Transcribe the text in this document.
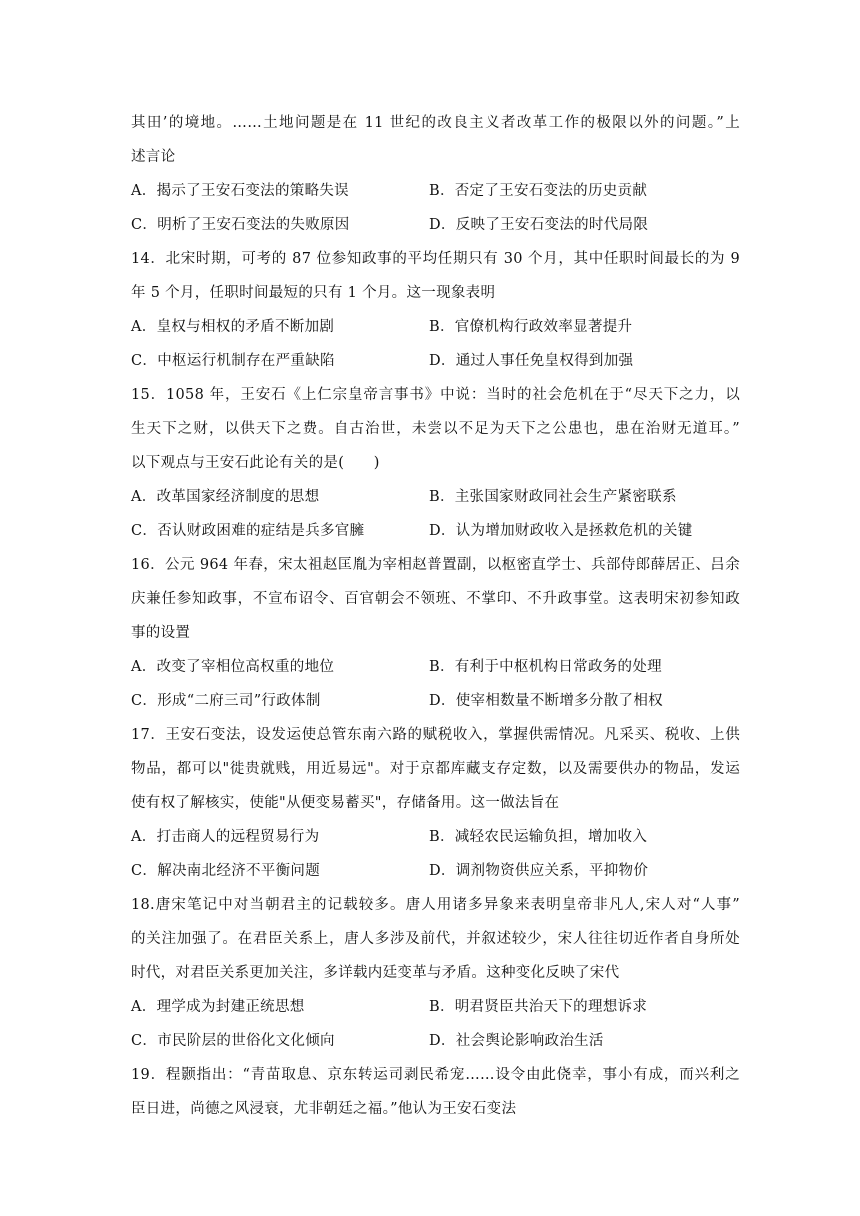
其田’的境地。……土地问题是在 11 世纪的改良主义者改革工作的极限以外的问题。”上
述言论
A．揭示了王安石变法的策略失误	B．否定了王安石变法的历史贡献
C．明析了王安石变法的失败原因	D．反映了王安石变法的时代局限
14．北宋时期，可考的 87 位参知政事的平均任期只有 30 个月，其中任职时间最长的为 9
年 5 个月，任职时间最短的只有 1 个月。这一现象表明
A．皇权与相权的矛盾不断加剧	B．官僚机构行政效率显著提升
C．中枢运行机制存在严重缺陷	D．通过人事任免皇权得到加强
15．1058 年，王安石《上仁宗皇帝言事书》中说：当时的社会危机在于“尽天下之力，以
生天下之财，以供天下之费。自古治世，未尝以不足为天下之公患也，患在治财无道耳。”
以下观点与王安石此论有关的是(　　)
A．改革国家经济制度的思想	B．主张国家财政同社会生产紧密联系
C．否认财政困难的症结是兵多官臃	D．认为增加财政收入是拯救危机的关键
16．公元 964 年春，宋太祖赵匡胤为宰相赵普置副，以枢密直学士、兵部侍郎薛居正、吕余
庆兼任参知政事，不宣布诏令、百官朝会不领班、不掌印、不升政事堂。这表明宋初参知政
事的设置
A．改变了宰相位高权重的地位	B．有利于中枢机构日常政务的处理
C．形成“二府三司”行政体制	D．使宰相数量不断增多分散了相权
17．王安石变法，设发运使总管东南六路的赋税收入，掌握供需情况。凡采买、税收、上供
物品，都可以"徙贵就贱，用近易远"。对于京都库藏支存定数，以及需要供办的物品，发运
使有权了解核实，使能"从便变易蓄买"，存储备用。这一做法旨在
A．打击商人的远程贸易行为	B．减轻农民运输负担，增加收入
C．解决南北经济不平衡问题	D．调剂物资供应关系，平抑物价
18.唐宋笔记中对当朝君主的记载较多。唐人用诸多异象来表明皇帝非凡人,宋人对“人事”
的关注加强了。在君臣关系上，唐人多涉及前代，并叙述较少，宋人往往切近作者自身所处
时代，对君臣关系更加关注，多详载内廷变革与矛盾。这种变化反映了宋代
A．理学成为封建正统思想	B．明君贤臣共治天下的理想诉求
C．市民阶层的世俗化文化倾向	D．社会舆论影响政治生活
19．程颢指出：“青苗取息、京东转运司剥民希宠……设令由此侥幸，事小有成，而兴利之
臣日进，尚德之风浸衰，尤非朝廷之福。”他认为王安石变法
